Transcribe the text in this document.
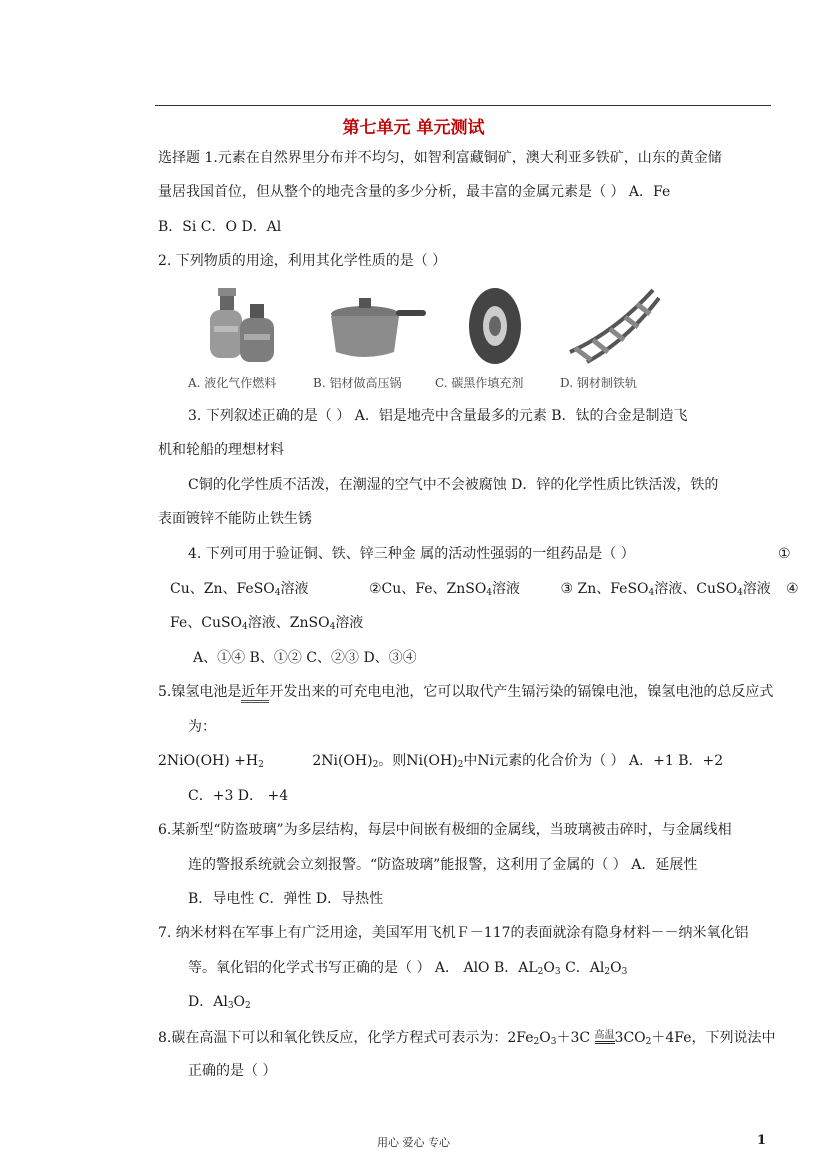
第七单元 单元测试
选择题 1.元素在自然界里分布并不均匀，如智利富藏铜矿，澳大利亚多铁矿，山东的黄金储
量居我国首位，但从整个的地壳含量的多少分析，最丰富的金属元素是（ ） A．Fe
B．Si C．O D．Al
2. 下列物质的用途，利用其化学性质的是（ ）
A. 液化气作燃料	B. 铝材做高压锅	C. 碳黑作填充剂	D. 钢材制铁轨
3. 下列叙述正确的是（ ） A．铝是地壳中含量最多的元素 B．钛的合金是制造飞
机和轮船的理想材料
C铜的化学性质不活泼，在潮湿的空气中不会被腐蚀 D．锌的化学性质比铁活泼，铁的
表面镀锌不能防止铁生锈
4. 下列可用于验证铜、铁、锌三种金 属的活动性强弱的一组药品是（ ）	①
Cu、Zn、FeSO$_4$溶液	②Cu、Fe、ZnSO$_4$溶液	③ Zn、FeSO$_4$溶液、CuSO$_4$溶液 ④
Fe、CuSO$_4$溶液、ZnSO$_4$溶液
A、①④ B、①② C、②③ D、③④
5.镍氢电池是近年开发出来的可充电电池，它可以取代产生镉污染的镉镍电池，镍氢电池的总反应式
为：
$2NiO(OH) +H_2$	$2Ni(OH)_2$。则$Ni(OH)_2$中Ni元素的化合价为（ ） A．+1 B．+2
C．+3 D． +4
6.某新型“防盗玻璃”为多层结构，每层中间嵌有极细的金属线，当玻璃被击碎时，与金属线相
连的警报系统就会立刻报警。“防盗玻璃”能报警，这利用了金属的（ ） A．延展性
B．导电性 C．弹性 D．导热性
7. 纳米材料在军事上有广泛用途，美国军用飞机Ｆ－117的表面就涂有隐身材料－－纳米氧化铝
等。氧化铝的化学式书写正确的是（ ） A． AlO B．$AL_2O_3$ C．$Al_2O_3$
D．$Al_3O_2$
8.碳在高温下可以和氧化铁反应，化学方程式可表示为：$2Fe_2O_3+3C$ $^{高温}3CO_2+4Fe$，下列说法中
正确的是（ ）
用心 爱心 专心	1
